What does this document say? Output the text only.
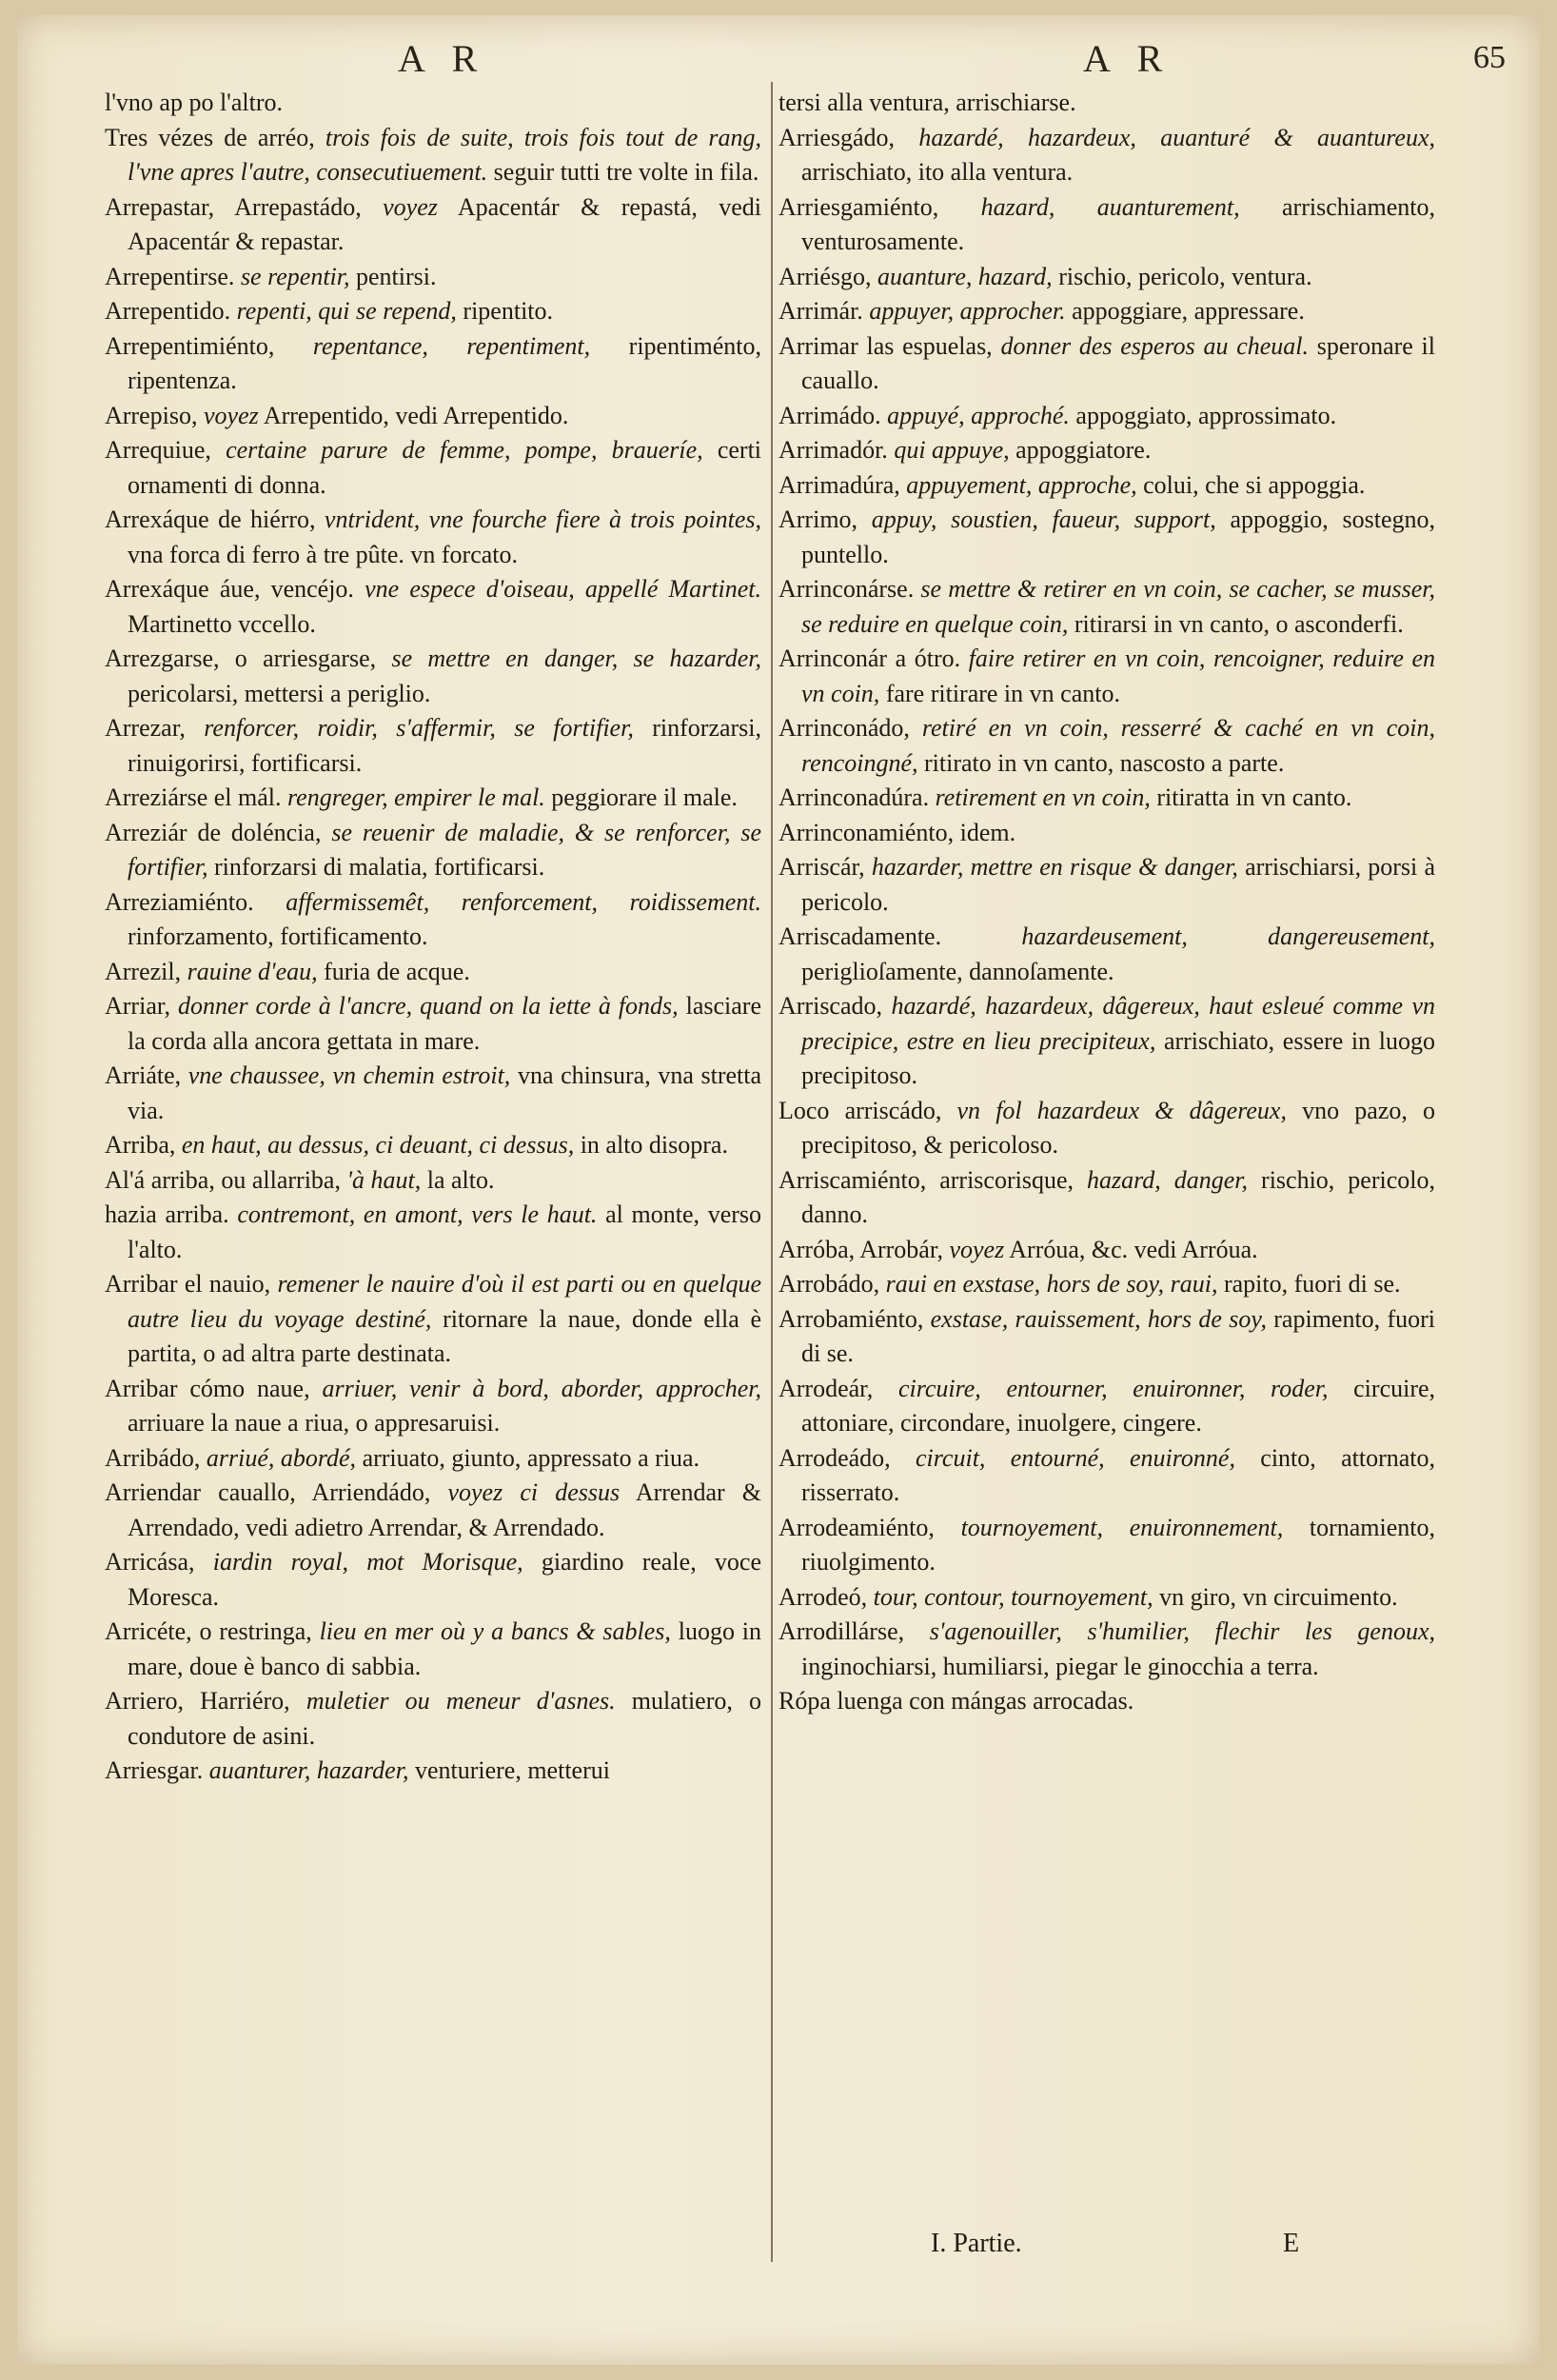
A R	A R	65

l'vno ap po l'altro.

Tres vézes de arréo, trois fois de suite, trois fois tout de rang, l'vne apres l'autre, consecutiuement. seguir tutti tre volte in fila.

Arrepastar, Arrepastádo, voyez Apacentár & repastá, vedi Apacentár & repastar.

Arrepentirse. se repentir, pentirsi.

Arrepentido. repenti, qui se repend, ripentito.

Arrepentimiénto, repentance, repentiment, ripentiménto, ripentenza.

Arrepiso, voyez Arrepentido, vedi Arrepentido.

Arrequiue, certaine parure de femme, pompe, braueríe, certi ornamenti di donna.

Arrexáque de hiérro, vntrident, vne fourche fiere à trois pointes, vna forca di ferro à tre pûte. vn forcato.

Arrexáque áue, vencéjo. vne espece d'oiseau, appellé Martinet. Martinetto vccello.

Arrezgarse, o arriesgarse, se mettre en danger, se hazarder, pericolarsi, mettersi a periglio.

Arrezar, renforcer, roidir, s'affermir, se fortifier, rinforzarsi, rinuigorirsi, fortificarsi.

Arreziárse el mál. rengreger, empirer le mal. peggiorare il male.

Arreziár de doléncia, se reuenir de maladie, & se renforcer, se fortifier, rinforzarsi di malatia, fortificarsi.

Arreziamiénto. affermissemêt, renforcement, roidissement. rinforzamento, fortificamento.

Arrezil, rauine d'eau, furia de acque.

Arriar, donner corde à l'ancre, quand on la iette à fonds, lasciare la corda alla ancora gettata in mare.

Arriáte, vne chaussee, vn chemin estroit, vna chinsura, vna stretta via.

Arriba, en haut, au dessus, ci deuant, ci dessus, in alto disopra.

Al'á arriba, ou allarriba, 'à haut, la alto.

hazia arriba. contremont, en amont, vers le haut. al monte, verso l'alto.

Arribar el nauio, remener le nauire d'où il est parti ou en quelque autre lieu du voyage destiné, ritornare la naue, donde ella è partita, o ad altra parte destinata.

Arribar cómo naue, arriuer, venir à bord, aborder, approcher, arriuare la naue a riua, o appresaruisi.

Arribádo, arriué, abordé, arriuato, giunto, appressato a riua.

Arriendar cauallo, Arriendádo, voyez ci dessus Arrendar & Arrendado, vedi adietro Arrendar, & Arrendado.

Arricása, iardin royal, mot Morisque, giardino reale, voce Moresca.

Arricéte, o restringa, lieu en mer où y a bancs & sables, luogo in mare, doue è banco di sabbia.

Arriero, Harriéro, muletier ou meneur d'asnes. mulatiero, o condutore de asini.

Arriesgar. auanturer, hazarder, venturiere, metterui

tersi alla ventura, arrischiarse.

Arriesgádo, hazardé, hazardeux, auanturé & auantureux, arrischiato, ito alla ventura.

Arriesgamiénto, hazard, auanturement, arrischiamento, venturosamente.

Arriésgo, auanture, hazard, rischio, pericolo, ventura.

Arrimár. appuyer, approcher. appoggiare, appressare.

Arrimar las espuelas, donner des esperos au cheual. speronare il cauallo.

Arrimádo. appuyé, approché. appoggiato, approssimato.

Arrimadór. qui appuye, appoggiatore.

Arrimadúra, appuyement, approche, colui, che si appoggia.

Arrimo, appuy, soustien, faueur, support, appoggio, sostegno, puntello.

Arrinconárse. se mettre & retirer en vn coin, se cacher, se musser, se reduire en quelque coin, ritirarsi in vn canto, o asconderfi.

Arrinconár a ótro. faire retirer en vn coin, rencoigner, reduire en vn coin, fare ritirare in vn canto.

Arrinconádo, retiré en vn coin, resserré & caché en vn coin, rencoingné, ritirato in vn canto, nascosto a parte.

Arrinconadúra. retirement en vn coin, ritiratta in vn canto.

Arrinconamiénto, idem.

Arriscár, hazarder, mettre en risque & danger, arrischiarsi, porsi à pericolo.

Arriscadamente.	hazardeusement, dangereusement, periglioſamente, dannoſamente.

Arriscado, hazardé, hazardeux, dâgereux, haut esleué comme vn precipice, estre en lieu precipiteux, arrischiato, essere in luogo precipitoso.

Loco arriscádo, vn fol hazardeux & dâgereux, vno pazo, o precipitoso, & pericoloso.

Arriscamiénto, arriscorisque, hazard, danger, rischio, pericolo, danno.

Arróba, Arrobár, voyez Arróua, &c. vedi Arróua.

Arrobádo, raui en exstase, hors de soy, raui, rapito, fuori di se.

Arrobamiénto, exstase, rauissement, hors de soy, rapimento, fuori di se.

Arrodeár, circuire, entourner, enuironner, roder, circuire, attoniare, circondare, inuolgere, cingere.

Arrodeádo, circuit, entourné, enuironné, cinto, attornato, risserrato.

Arrodeamiénto, tournoyement, enuironnement, tornamiento, riuolgimento.

Arrodeó, tour, contour, tournoyement, vn giro, vn circuimento.

Arrodillárse, s'agenouiller, s'humilier, flechir les genoux, inginochiarsi, humiliarsi, piegar le ginocchia a terra.

Rópa luenga con mángas arrocadas.

I. Partie.	E
